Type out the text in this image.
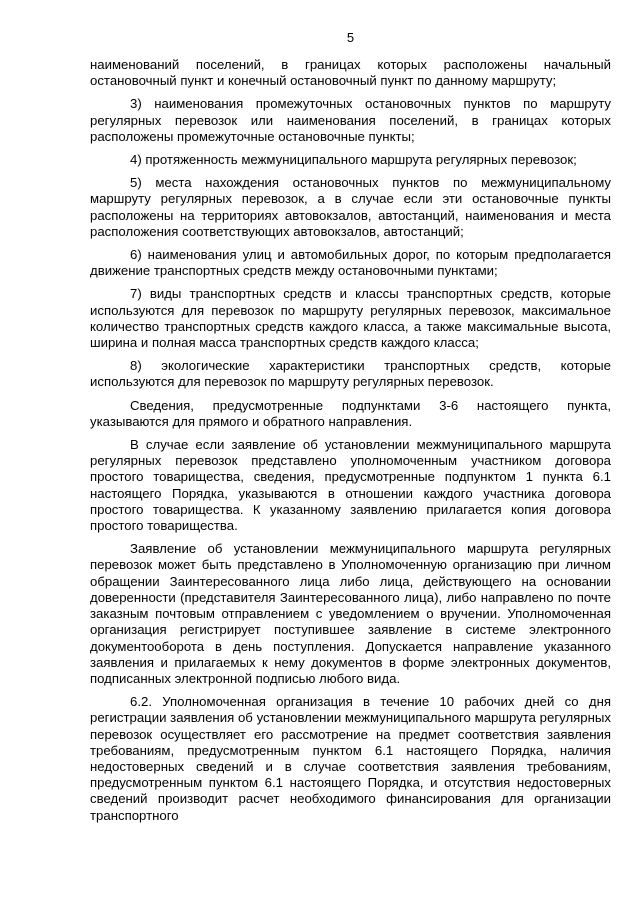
5

наименований поселений, в границах которых расположены начальный остановочный пункт и конечный остановочный пункт по данному маршруту;

3) наименования промежуточных остановочных пунктов по маршруту регулярных перевозок или наименования поселений, в границах которых расположены промежуточные остановочные пункты;

4) протяженность межмуниципального маршрута регулярных перевозок;

5) места нахождения остановочных пунктов по межмуниципальному маршруту регулярных перевозок, а в случае если эти остановочные пункты расположены на территориях автовокзалов, автостанций, наименования и места расположения соответствующих автовокзалов, автостанций;

6) наименования улиц и автомобильных дорог, по которым предполагается движение транспортных средств между остановочными пунктами;

7) виды транспортных средств и классы транспортных средств, которые используются для перевозок по маршруту регулярных перевозок, максимальное количество транспортных средств каждого класса, а также максимальные высота, ширина и полная масса транспортных средств каждого класса;

8) экологические характеристики транспортных средств, которые используются для перевозок по маршруту регулярных перевозок.

Сведения, предусмотренные подпунктами 3-6 настоящего пункта, указываются для прямого и обратного направления.

В случае если заявление об установлении межмуниципального маршрута регулярных перевозок представлено уполномоченным участником договора простого товарищества, сведения, предусмотренные подпунктом 1 пункта 6.1 настоящего Порядка, указываются в отношении каждого участника договора простого товарищества. К указанному заявлению прилагается копия договора простого товарищества.

Заявление об установлении межмуниципального маршрута регулярных перевозок может быть представлено в Уполномоченную организацию при личном обращении Заинтересованного лица либо лица, действующего на основании доверенности (представителя Заинтересованного лица), либо направлено по почте заказным почтовым отправлением с уведомлением о вручении. Уполномоченная организация регистрирует поступившее заявление в системе электронного документооборота в день поступления. Допускается направление указанного заявления и прилагаемых к нему документов в форме электронных документов, подписанных электронной подписью любого вида.

6.2. Уполномоченная организация в течение 10 рабочих дней со дня регистрации заявления об установлении межмуниципального маршрута регулярных перевозок осуществляет его рассмотрение на предмет соответствия заявления требованиям, предусмотренным пунктом 6.1 настоящего Порядка, наличия недостоверных сведений и в случае соответствия заявления требованиям, предусмотренным пунктом 6.1 настоящего Порядка, и отсутствия недостоверных сведений производит расчет необходимого финансирования для организации транспортного
